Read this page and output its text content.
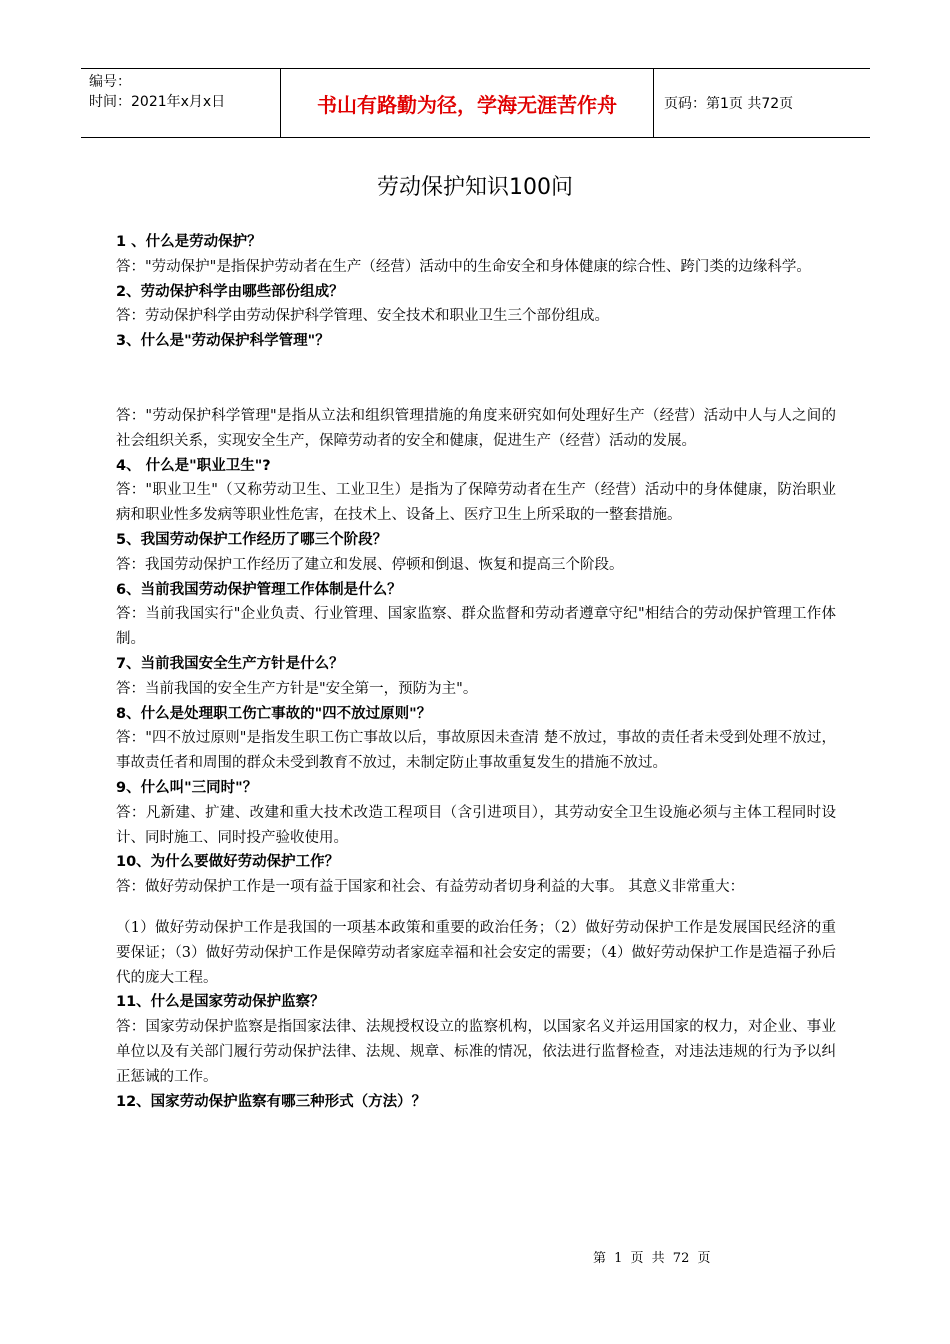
编号：
时间：2021年x月x日	书山有路勤为径，学海无涯苦作舟	页码：第1页 共72页
劳动保护知识100问
1 、什么是劳动保护？
答："劳动保护"是指保护劳动者在生产（经营）活动中的生命安全和身体健康的综合性、跨门类的边缘科学。
2、劳动保护科学由哪些部份组成？
答：劳动保护科学由劳动保护科学管理、安全技术和职业卫生三个部份组成。
3、什么是"劳动保护科学管理"？
答："劳动保护科学管理"是指从立法和组织管理措施的角度来研究如何处理好生产（经营）活动中人与人之间的社会组织关系，实现安全生产，保障劳动者的安全和健康，促进生产（经营）活动的发展。
4、 什么是"职业卫生"?
答："职业卫生"（又称劳动卫生、工业卫生）是指为了保障劳动者在生产（经营）活动中的身体健康，防治职业病和职业性多发病等职业性危害，在技术上、设备上、医疗卫生上所采取的一整套措施。
5、我国劳动保护工作经历了哪三个阶段？
答：我国劳动保护工作经历了建立和发展、停顿和倒退、恢复和提高三个阶段。
6、当前我国劳动保护管理工作体制是什么？
答：当前我国实行"企业负责、行业管理、国家监察、群众监督和劳动者遵章守纪"相结合的劳动保护管理工作体制。
7、当前我国安全生产方针是什么？
答：当前我国的安全生产方针是"安全第一，预防为主"。
8、什么是处理职工伤亡事故的"四不放过原则"？
答："四不放过原则"是指发生职工伤亡事故以后，事故原因未查清 楚不放过，事故的责任者未受到处理不放过，事故责任者和周围的群众未受到教育不放过，未制定防止事故重复发生的措施不放过。
9、什么叫"三同时"？
答：凡新建、扩建、改建和重大技术改造工程项目（含引进项目），其劳动安全卫生设施必须与主体工程同时设计、同时施工、同时投产验收使用。
10、为什么要做好劳动保护工作？
答：做好劳动保护工作是一项有益于国家和社会、有益劳动者切身利益的大事。 其意义非常重大：
（1）做好劳动保护工作是我国的一项基本政策和重要的政治任务；（2）做好劳动保护工作是发展国民经济的重要保证；（3）做好劳动保护工作是保障劳动者家庭幸福和社会安定的需要；（4）做好劳动保护工作是造福子孙后代的庞大工程。
11、什么是国家劳动保护监察？
答：国家劳动保护监察是指国家法律、法规授权设立的监察机构，以国家名义并运用国家的权力，对企业、事业单位以及有关部门履行劳动保护法律、法规、规章、标准的情况，依法进行监督检查，对违法违规的行为予以纠正惩诫的工作。
12、国家劳动保护监察有哪三种形式（方法）？
第 1 页 共 72 页
